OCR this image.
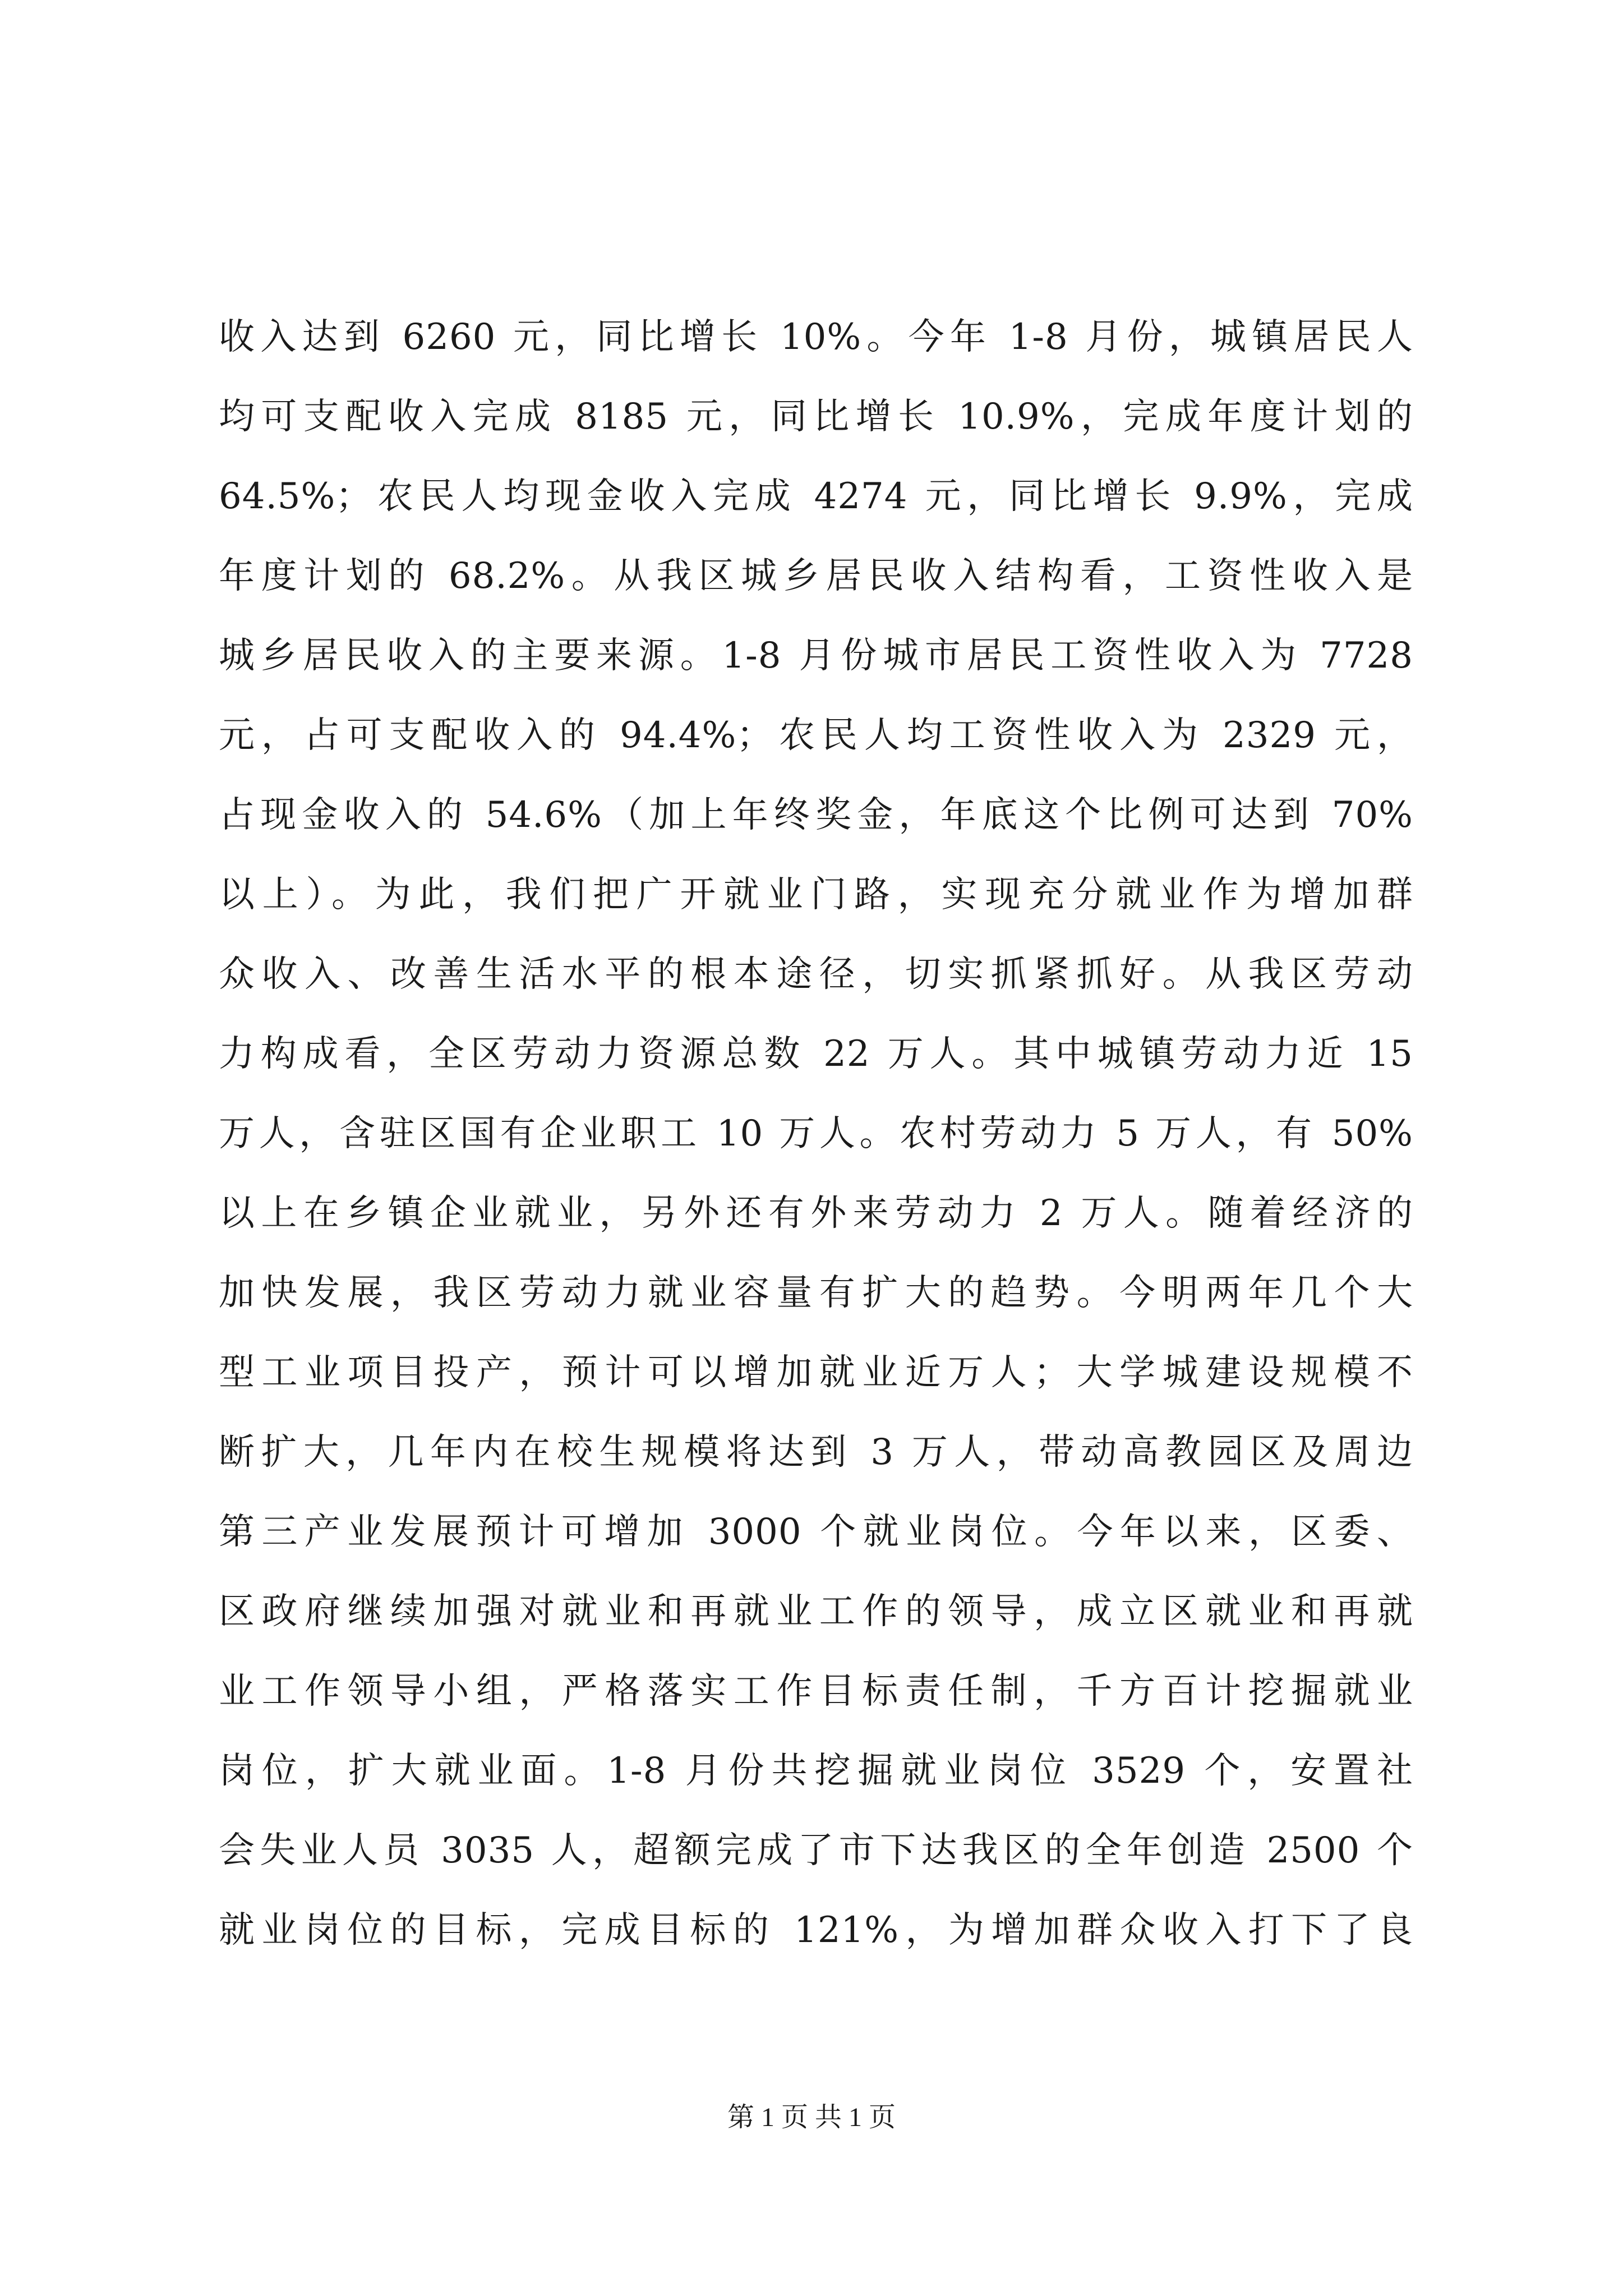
收入达到 6260 元，同比增长 10%。今年 1-8 月份，城镇居民人
均可支配收入完成 8185 元，同比增长 10.9%，完成年度计划的
64.5%；农民人均现金收入完成 4274 元，同比增长 9.9%，完成
年度计划的 68.2%。从我区城乡居民收入结构看，工资性收入是
城乡居民收入的主要来源。1-8 月份城市居民工资性收入为 7728
元，占可支配收入的 94.4%；农民人均工资性收入为 2329 元，
占现金收入的 54.6%（加上年终奖金，年底这个比例可达到 70%
以上）。为此，我们把广开就业门路，实现充分就业作为增加群
众收入、改善生活水平的根本途径，切实抓紧抓好。从我区劳动
力构成看，全区劳动力资源总数 22 万人。其中城镇劳动力近 15
万人，含驻区国有企业职工 10 万人。农村劳动力 5 万人，有 50%
以上在乡镇企业就业，另外还有外来劳动力 2 万人。随着经济的
加快发展，我区劳动力就业容量有扩大的趋势。今明两年几个大
型工业项目投产，预计可以增加就业近万人；大学城建设规模不
断扩大，几年内在校生规模将达到 3 万人，带动高教园区及周边
第三产业发展预计可增加 3000 个就业岗位。今年以来，区委、
区政府继续加强对就业和再就业工作的领导，成立区就业和再就
业工作领导小组，严格落实工作目标责任制，千方百计挖掘就业
岗位，扩大就业面。1-8 月份共挖掘就业岗位 3529 个，安置社
会失业人员 3035 人，超额完成了市下达我区的全年创造 2500 个
就业岗位的目标，完成目标的 121%，为增加群众收入打下了良
第 1 页 共 1 页
